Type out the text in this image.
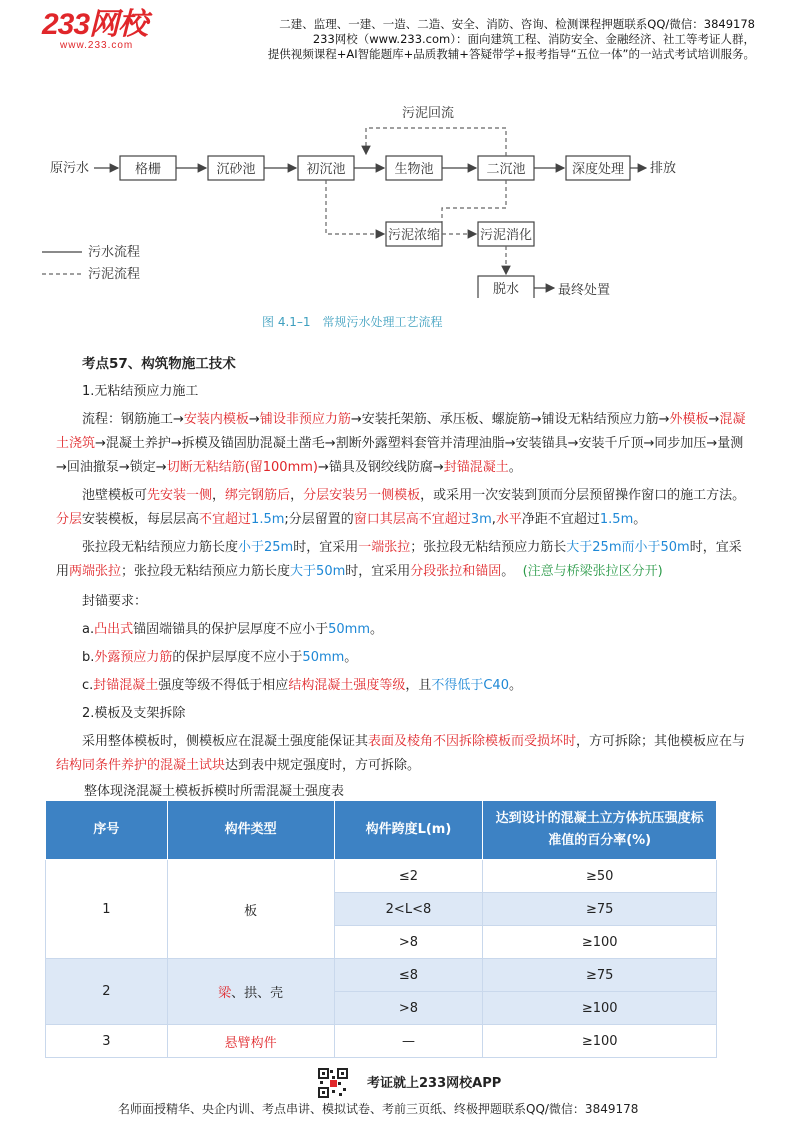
233网校
www.233.com
二建、监理、一建、一造、二造、安全、消防、咨询、检测课程押题联系QQ/微信：3849178
233网校（www.233.com）：面向建筑工程、消防安全、金融经济、社工等考证人群，
提供视频课程+AI智能题库+品质教辅+答疑带学+报考指导“五位一体”的一站式考试培训服务。
原污水	排放
污泥回流
最终处置
污水流程
污泥流程
格栅	沉砂池	初沉池	生物池	二沉池	深度处理
污泥浓缩	污泥消化
脱水
图 4.1–1　常规污水处理工艺流程

考点57、构筑物施工技术

1.无粘结预应力施工

流程：钢筋施工→安装内模板→铺设非预应力筋→安装托架筋、承压板、螺旋筋→铺设无粘结预应力筋→外模板→混凝土浇筑→混凝土养护→拆模及锚固肋混凝土凿毛→割断外露塑料套管并清理油脂→安装锚具→安装千斤顶→同步加压→量测→回油撤泵→锁定→切断无粘结筋(留100mm)→锚具及钢绞线防腐→封锚混凝土。

池壁模板可先安装一侧，绑完钢筋后，分层安装另一侧模板，或采用一次安装到顶而分层预留操作窗口的施工方法。分层安装模板，每层层高不宜超过1.5m;分层留置的窗口其层高不宜超过3m,水平净距不宜超过1.5m。

张拉段无粘结预应力筋长度小于25m时，宜采用一端张拉；张拉段无粘结预应力筋长大于25m而小于50m时，宜采用两端张拉；张拉段无粘结预应力筋长度大于50m时，宜采用分段张拉和锚固。 (注意与桥梁张拉区分开)

封锚要求：

a.凸出式锚固端锚具的保护层厚度不应小于50mm。

b.外露预应力筋的保护层厚度不应小于50mm。

c.封锚混凝土强度等级不得低于相应结构混凝土强度等级，且不得低于C40。

2.模板及支架拆除

采用整体模板时，侧模板应在混凝土强度能保证其表面及棱角不因拆除模板而受损坏时，方可拆除；其他模板应在与结构同条件养护的混凝土试块达到表中规定强度时，方可拆除。

整体现浇混凝土模板拆模时所需混凝土强度表
序号	构件类型	构件跨度L(m)	达到设计的混凝土立方体抗压强度标准值的百分率(%)
1	板	≤2	≥50
		2<L<8	≥75
		>8	≥100
2	梁、拱、壳	≤8	≥75
		>8	≥100
3	悬臂构件	—	≥100
考证就上233网校APP
名师面授精华、央企内训、考点串讲、模拟试卷、考前三页纸、终极押题联系QQ/微信：3849178
